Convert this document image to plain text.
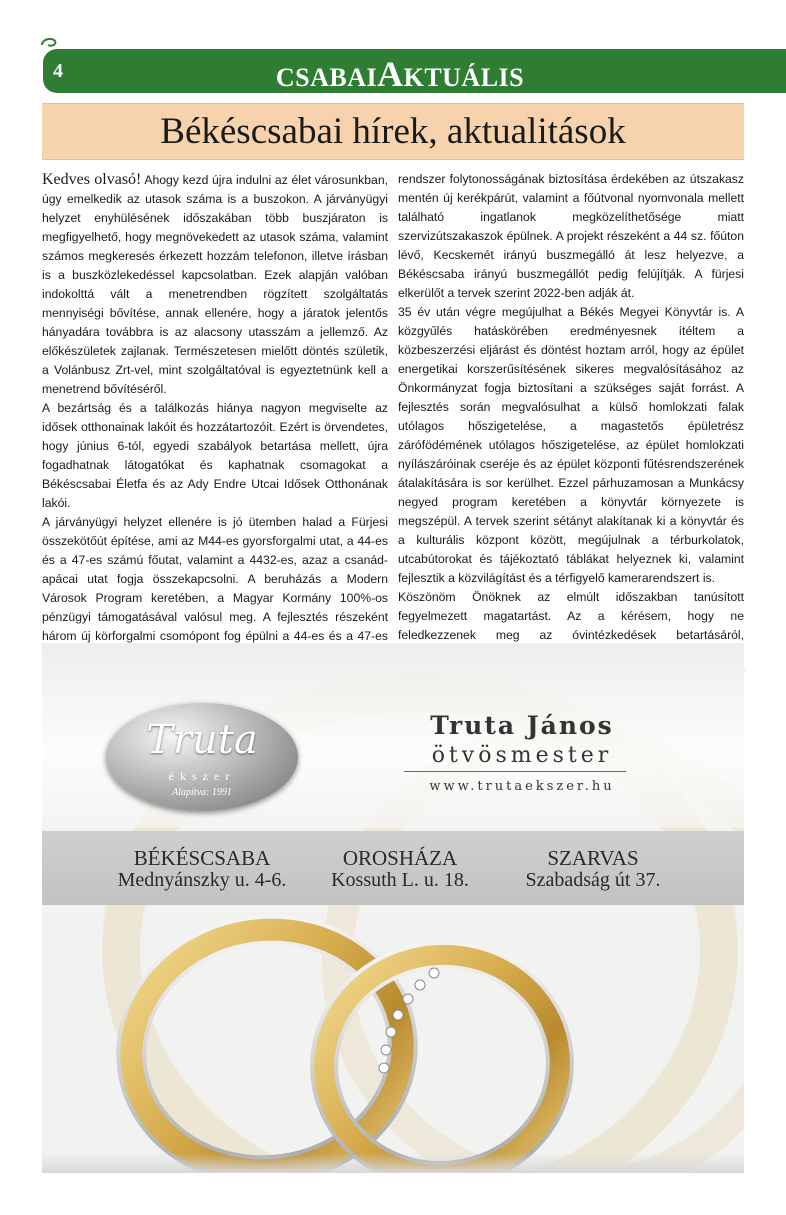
4	CSABAIAKTUÁLIS
Békéscsabai hírek, aktualitások

Kedves olvasó! Ahogy kezd újra indulni az élet városunkban, úgy emelkedik az utasok száma is a buszokon. A járványügyi helyzet enyhülésének időszakában több buszjáraton is megfigyelhető, hogy megnövekedett az utasok száma, valamint számos megkeresés érkezett hozzám telefonon, illetve írásban is a buszközlekedéssel kapcsolatban. Ezek alapján valóban indokolttá vált a menetrendben rögzített szolgáltatás mennyiségi bővítése, annak ellenére, hogy a járatok jelentős hányadára továbbra is az alacsony utasszám a jellemző. Az előkészületek zajlanak. Természetesen mielőtt döntés születik, a Volánbusz Zrt-vel, mint szolgáltatóval is egyeztetnünk kell a menetrend bővítéséről.

A bezártság és a találkozás hiánya nagyon megviselte az idősek otthonainak lakóit és hozzátartozóit. Ezért is örvendetes, hogy június 6-tól, egyedi szabályok betartása mellett, újra fogadhatnak látogatókat és kaphatnak csomagokat a Békéscsabai Életfa és az Ady Endre Utcai Idősek Otthonának lakói.

A járványügyi helyzet ellenére is jó ütemben halad a Fürjesi összekötőút építése, ami az M44-es gyorsforgalmi utat, a 44-es és a 47-es számú főutat, valamint a 4432-es, azaz a csanád-apácai utat fogja összekapcsolni. A beruházás a Modern Városok Program keretében, a Magyar Kormány 100%-os pénzügyi támogatásával valósul meg. A fejlesztés részeként három új körforgalmi csomópont fog épülni a 44-es és a 47-es

rendszer folytonosságának biztosítása érdekében az útszakasz mentén új kerékpárút, valamint a főútvonal nyomvonala mellett található ingatlanok megközelíthetősége miatt szervizútszakaszok épülnek. A projekt részeként a 44 sz. főúton lévő, Kecskemét irányú buszmegálló át lesz helyezve, a Békéscsaba irányú buszmegállót pedig felújítják. A fürjesi elkerülőt a tervek szerint 2022-ben adják át.

35 év után végre megújulhat a Békés Megyei Könyvtár is. A közgyűlés hatáskörében eredményesnek ítéltem a közbeszerzési eljárást és döntést hoztam arról, hogy az épület energetikai korszerűsítésének sikeres megvalósításához az Önkormányzat fogja biztosítani a szükséges saját forrást. A fejlesztés során megvalósulhat a külső homlokzati falak utólagos hőszigetelése, a magastetős épületrész zárófödémének utólagos hőszigetelése, az épület homlokzati nyílászáróinak cseréje és az épület központi fűtésrendszerének átalakítására is sor kerülhet. Ezzel párhuzamosan a Munkácsy negyed program keretében a könyvtár környezete is megszépül. A tervek szerint sétányt alakítanak ki a könyvtár és a kulturális központ között, megújulnak a térburkolatok, utcabútorokat és tájékoztató táblákat helyeznek ki, valamint fejlesztik a közvilágítást és a térfigyelő kamerarendszert is.

Köszönöm Önöknek az elmúlt időszakban tanúsított fegyelmezett magatartást. Az a kérésem, hogy ne feledkezzenek meg az óvintézkedések betartásáról,

Truta
ékszer
Alapítva: 1991
Truta János
ötvösmester
www.trutaekszer.hu
BÉKÉSCSABA
Mednyánszky u. 4-6.
OROSHÁZA
Kossuth L. u. 18.
SZARVAS
Szabadság út 37.
